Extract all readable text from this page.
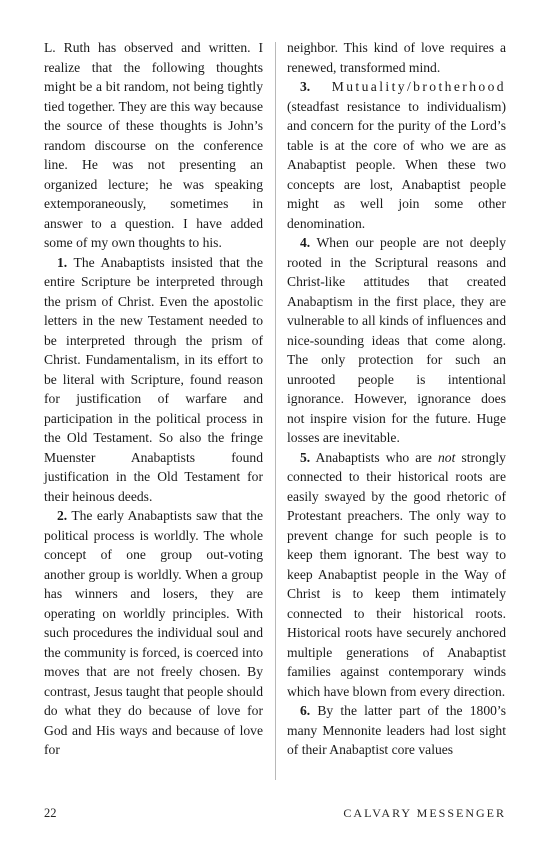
L. Ruth has observed and written. I realize that the following thoughts might be a bit random, not being tightly tied together. They are this way because the source of these thoughts is John’s random discourse on the conference line. He was not presenting an organized lecture; he was speaking extemporaneously, sometimes in answer to a question. I have added some of my own thoughts to his.

1. The Anabaptists insisted that the entire Scripture be interpreted through the prism of Christ. Even the apostolic letters in the new Testament needed to be interpreted through the prism of Christ. Fundamentalism, in its effort to be literal with Scripture, found reason for justification of warfare and participation in the political process in the Old Testament. So also the fringe Muenster Anabaptists found justification in the Old Testament for their heinous deeds.

2. The early Anabaptists saw that the political process is worldly. The whole concept of one group out-voting another group is worldly. When a group has winners and losers, they are operating on worldly principles. With such procedures the individual soul and the community is forced, is coerced into moves that are not freely chosen. By contrast, Jesus taught that people should do what they do because of love for God and His ways and because of love for

neighbor. This kind of love requires a renewed, transformed mind.

3. Mutuality/brotherhood (steadfast resistance to individualism) and concern for the purity of the Lord’s table is at the core of who we are as Anabaptist people. When these two concepts are lost, Anabaptist people might as well join some other denomination.

4. When our people are not deeply rooted in the Scriptural reasons and Christ-like attitudes that created Anabaptism in the first place, they are vulnerable to all kinds of influences and nice-sounding ideas that come along. The only protection for such an unrooted people is intentional ignorance. However, ignorance does not inspire vision for the future. Huge losses are inevitable.

5. Anabaptists who are not strongly connected to their historical roots are easily swayed by the good rhetoric of Protestant preachers. The only way to prevent change for such people is to keep them ignorant. The best way to keep Anabaptist people in the Way of Christ is to keep them intimately connected to their historical roots. Historical roots have securely anchored multiple generations of Anabaptist families against contemporary winds which have blown from every direction.

6. By the latter part of the 1800’s many Mennonite leaders had lost sight of their Anabaptist core values

22	CALVARY MESSENGER
